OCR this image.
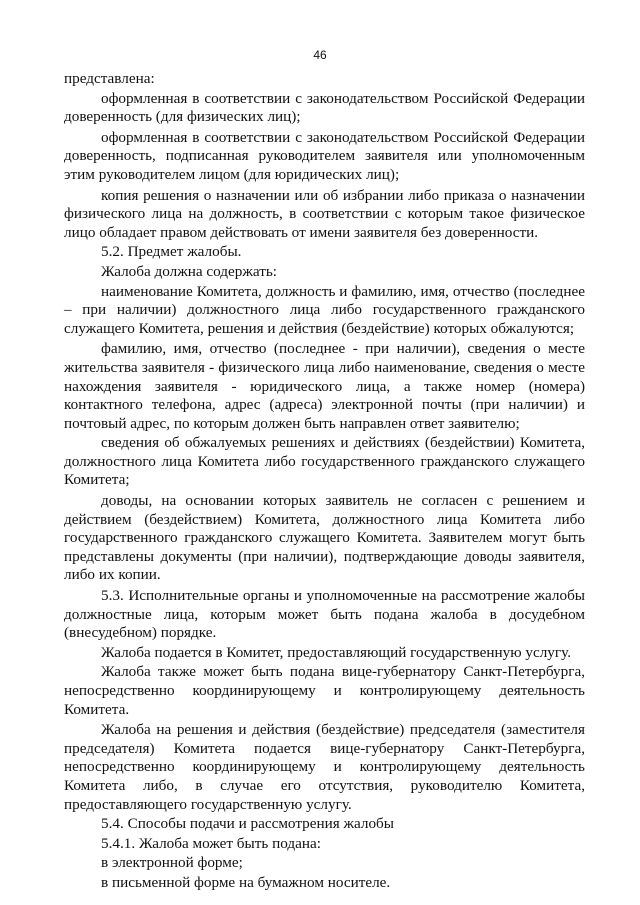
46

представлена:

оформленная в соответствии с законодательством Российской Федерации доверенность (для физических лиц);

оформленная в соответствии с законодательством Российской Федерации доверенность, подписанная руководителем заявителя или уполномоченным этим руководителем лицом (для юридических лиц);

копия решения о назначении или об избрании либо приказа о назначении физического лица на должность, в соответствии с которым такое физическое лицо обладает правом действовать от имени заявителя без доверенности.

5.2. Предмет жалобы.

Жалоба должна содержать:

наименование Комитета, должность и фамилию, имя, отчество (последнее – при наличии) должностного лица либо государственного гражданского служащего Комитета, решения и действия (бездействие) которых обжалуются;

фамилию, имя, отчество (последнее - при наличии), сведения о месте жительства заявителя - физического лица либо наименование, сведения о месте нахождения заявителя - юридического лица, а также номер (номера) контактного телефона, адрес (адреса) электронной почты (при наличии) и почтовый адрес, по которым должен быть направлен ответ заявителю;

сведения об обжалуемых решениях и действиях (бездействии) Комитета, должностного лица Комитета либо государственного гражданского служащего Комитета;

доводы, на основании которых заявитель не согласен с решением и действием (бездействием) Комитета, должностного лица Комитета либо государственного гражданского служащего Комитета. Заявителем могут быть представлены документы (при наличии), подтверждающие доводы заявителя, либо их копии.

5.3. Исполнительные органы и уполномоченные на рассмотрение жалобы должностные лица, которым может быть подана жалоба в досудебном (внесудебном) порядке.

Жалоба подается в Комитет, предоставляющий государственную услугу.

Жалоба также может быть подана вице-губернатору Санкт-Петербурга, непосредственно координирующему и контролирующему деятельность Комитета.

Жалоба на решения и действия (бездействие) председателя (заместителя председателя) Комитета подается вице-губернатору Санкт-Петербурга, непосредственно координирующему и контролирующему деятельность Комитета либо, в случае его отсутствия, руководителю Комитета, предоставляющего государственную услугу.

5.4. Способы подачи и рассмотрения жалобы

5.4.1. Жалоба может быть подана:

в электронной форме;

в письменной форме на бумажном носителе.
